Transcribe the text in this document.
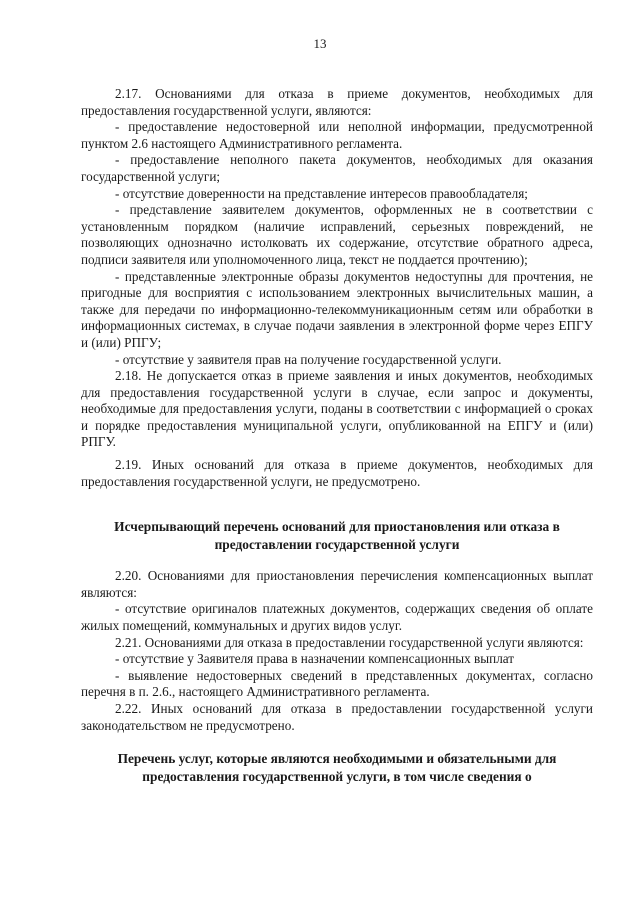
13

2.17. Основаниями для отказа в приеме документов, необходимых для предоставления государственной услуги, являются:

- предоставление недостоверной или неполной информации, предусмотренной пунктом 2.6 настоящего Административного регламента.

- предоставление неполного пакета документов, необходимых для оказания государственной услуги;

- отсутствие доверенности на представление интересов правообладателя;

- представление заявителем документов, оформленных не в соответствии с установленным порядком (наличие исправлений, серьезных повреждений, не позволяющих однозначно истолковать их содержание, отсутствие обратного адреса, подписи заявителя или уполномоченного лица, текст не поддается прочтению);

- представленные электронные образы документов недоступны для прочтения, не пригодные для восприятия с использованием электронных вычислительных машин, а также для передачи по информационно-телекоммуникационным сетям или обработки в информационных системах, в случае подачи заявления в электронной форме через ЕПГУ и (или) РПГУ;

- отсутствие у заявителя прав на получение государственной услуги.

2.18. Не допускается отказ в приеме заявления и иных документов, необходимых для предоставления государственной услуги в случае, если запрос и документы, необходимые для предоставления услуги, поданы в соответствии с информацией о сроках и порядке предоставления муниципальной услуги, опубликованной на ЕПГУ и (или) РПГУ.

2.19. Иных оснований для отказа в приеме документов, необходимых для предоставления государственной услуги, не предусмотрено.

Исчерпывающий перечень оснований для приостановления или отказа в предоставлении государственной услуги

2.20. Основаниями для приостановления перечисления компенсационных выплат являются:

- отсутствие оригиналов платежных документов, содержащих сведения об оплате жилых помещений, коммунальных и других видов услуг.

2.21. Основаниями для отказа в предоставлении государственной услуги являются:

- отсутствие у Заявителя права в назначении компенсационных выплат

- выявление недостоверных сведений в представленных документах, согласно перечня в п. 2.6., настоящего Административного регламента.

2.22. Иных оснований для отказа в предоставлении государственной услуги законодательством не предусмотрено.

Перечень услуг, которые являются необходимыми и обязательными для предоставления государственной услуги, в том числе сведения о
